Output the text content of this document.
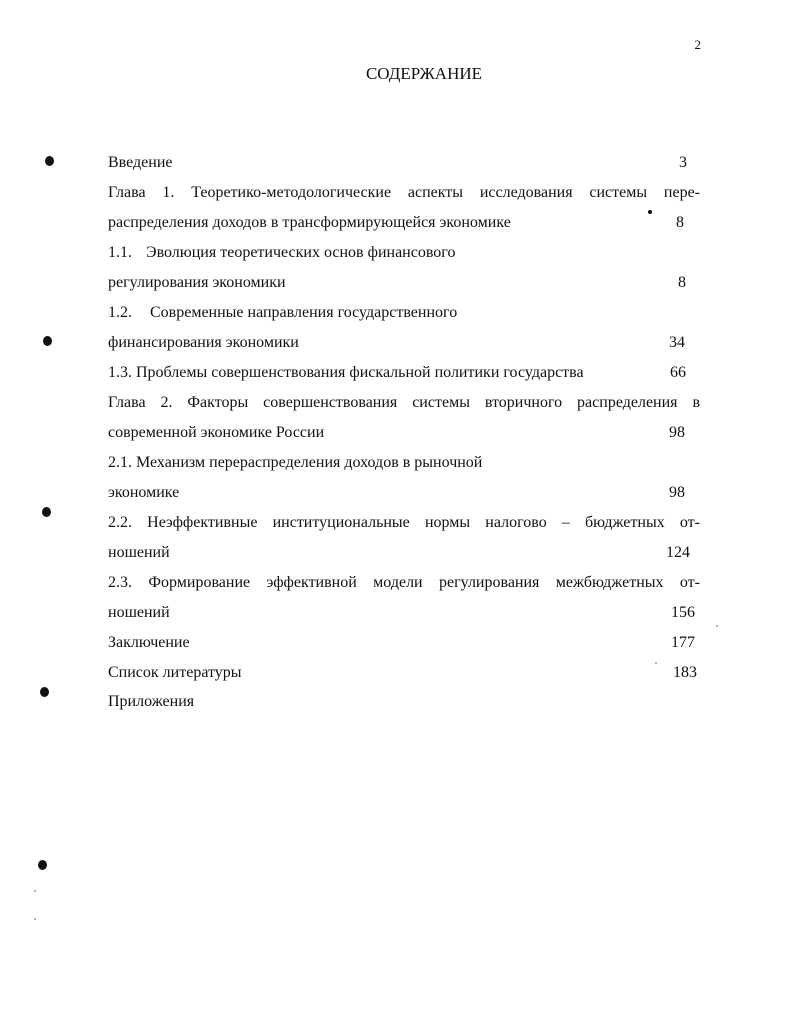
2
СОДЕРЖАНИЕ
Введение	3
Глава 1. Теоретико-методологические аспекты исследования системы пере-
распределения доходов в трансформирующейся экономике	8
1.1. Эволюция теоретических основ финансового
регулирования экономики	8
1.2. Современные направления государственного
финансирования экономики	34
1.3. Проблемы совершенствования фискальной политики государства	66
Глава 2. Факторы совершенствования системы вторичного распределения в
современной экономике России	98
2.1. Механизм перераспределения доходов в рыночной
экономике	98
2.2. Неэффективные институциональные нормы налогово – бюджетных от-
ношений	124
2.3. Формирование эффективной модели регулирования межбюджетных от-
ношений	156
Заключение	177
Список литературы	183
Приложения
